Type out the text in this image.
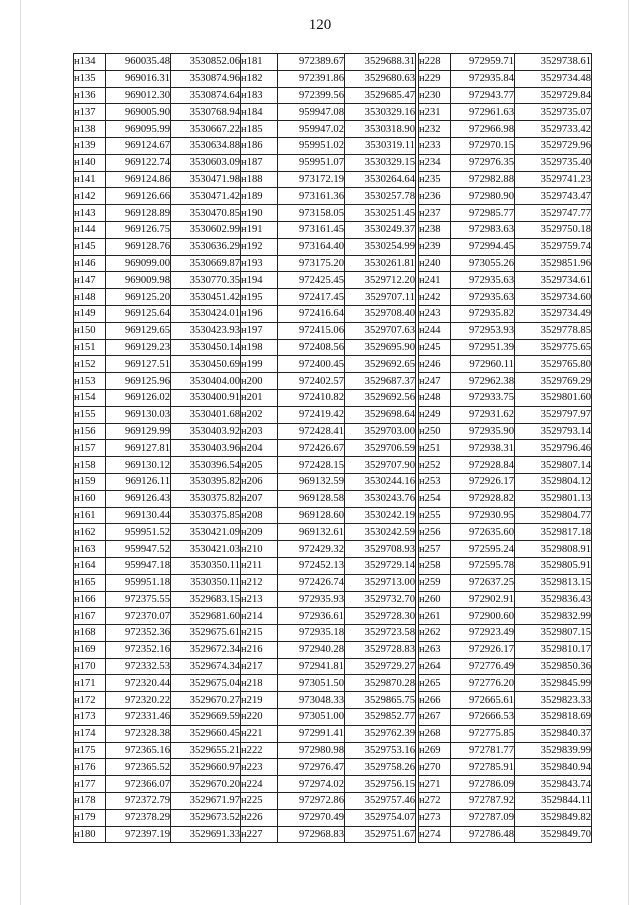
120
н134	960035.48	3530852.06
н135	969016.31	3530874.96
н136	969012.30	3530874.64
н137	969005.90	3530768.94
н138	969095.99	3530667.22
н139	969124.67	3530634.88
н140	969122.74	3530603.09
н141	969124.86	3530471.98
н142	969126.66	3530471.42
н143	969128.89	3530470.85
н144	969126.75	3530602.99
н145	969128.76	3530636.29
н146	969099.00	3530669.87
н147	969009.98	3530770.35
н148	969125.20	3530451.42
н149	969125.64	3530424.01
н150	969129.65	3530423.93
н151	969129.23	3530450.14
н152	969127.51	3530450.69
н153	969125.96	3530404.00
н154	969126.02	3530400.91
н155	969130.03	3530401.68
н156	969129.99	3530403.92
н157	969127.81	3530403.96
н158	969130.12	3530396.54
н159	969126.11	3530395.82
н160	969126.43	3530375.82
н161	969130.44	3530375.85
н162	959951.52	3530421.09
н163	959947.52	3530421.03
н164	959947.18	3530350.11
н165	959951.18	3530350.11
н166	972375.55	3529683.15
н167	972370.07	3529681.60
н168	972352.36	3529675.61
н169	972352.16	3529672.34
н170	972332.53	3529674.34
н171	972320.44	3529675.04
н172	972320.22	3529670.27
н173	972331.46	3529669.59
н174	972328.38	3529660.45
н175	972365.16	3529655.21
н176	972365.52	3529660.97
н177	972366.07	3529670.20
н178	972372.79	3529671.97
н179	972378.29	3529673.52
н180	972397.19	3529691.33
н181	972389.67	3529688.31
н182	972391.86	3529680.63
н183	972399.56	3529685.47
н184	959947.08	3530329.16
н185	959947.02	3530318.90
н186	959951.02	3530319.11
н187	959951.07	3530329.15
н188	973172.19	3530264.64
н189	973161.36	3530257.78
н190	973158.05	3530251.45
н191	973161.45	3530249.37
н192	973164.40	3530254.99
н193	973175.20	3530261.81
н194	972425.45	3529712.20
н195	972417.45	3529707.11
н196	972416.64	3529708.40
н197	972415.06	3529707.63
н198	972408.56	3529695.90
н199	972400.45	3529692.65
н200	972402.57	3529687.37
н201	972410.82	3529692.56
н202	972419.42	3529698.64
н203	972428.41	3529703.00
н204	972426.67	3529706.59
н205	972428.15	3529707.90
н206	969132.59	3530244.16
н207	969128.58	3530243.76
н208	969128.60	3530242.19
н209	969132.61	3530242.59
н210	972429.32	3529708.93
н211	972452.13	3529729.14
н212	972426.74	3529713.00
н213	972935.93	3529732.70
н214	972936.61	3529728.30
н215	972935.18	3529723.58
н216	972940.28	3529728.83
н217	972941.81	3529729.27
н218	973051.50	3529870.28
н219	973048.33	3529865.75
н220	973051.00	3529852.77
н221	972991.41	3529762.39
н222	972980.98	3529753.16
н223	972976.47	3529758.26
н224	972974.02	3529756.15
н225	972972.86	3529757.46
н226	972970.49	3529754.07
н227	972968.83	3529751.67
н228	972959.71	3529738.61
н229	972935.84	3529734.48
н230	972943.77	3529729.84
н231	972961.63	3529735.07
н232	972966.98	3529733.42
н233	972970.15	3529729.96
н234	972976.35	3529735.40
н235	972982.88	3529741.23
н236	972980.90	3529743.47
н237	972985.77	3529747.77
н238	972983.63	3529750.18
н239	972994.45	3529759.74
н240	973055.26	3529851.96
н241	972935.63	3529734.61
н242	972935.63	3529734.60
н243	972935.82	3529734.49
н244	972953.93	3529778.85
н245	972951.39	3529775.65
н246	972960.11	3529765.80
н247	972962.38	3529769.29
н248	972933.75	3529801.60
н249	972931.62	3529797.97
н250	972935.90	3529793.14
н251	972938.31	3529796.46
н252	972928.84	3529807.14
н253	972926.17	3529804.12
н254	972928.82	3529801.13
н255	972930.95	3529804.77
н256	972635.60	3529817.18
н257	972595.24	3529808.91
н258	972595.78	3529805.91
н259	972637.25	3529813.15
н260	972902.91	3529836.43
н261	972900.60	3529832.99
н262	972923.49	3529807.15
н263	972926.17	3529810.17
н264	972776.49	3529850.36
н265	972776.20	3529845.99
н266	972665.61	3529823.33
н267	972666.53	3529818.69
н268	972775.85	3529840.37
н269	972781.77	3529839.99
н270	972785.91	3529840.94
н271	972786.09	3529843.74
н272	972787.92	3529844.11
н273	972787.09	3529849.82
н274	972786.48	3529849.70
